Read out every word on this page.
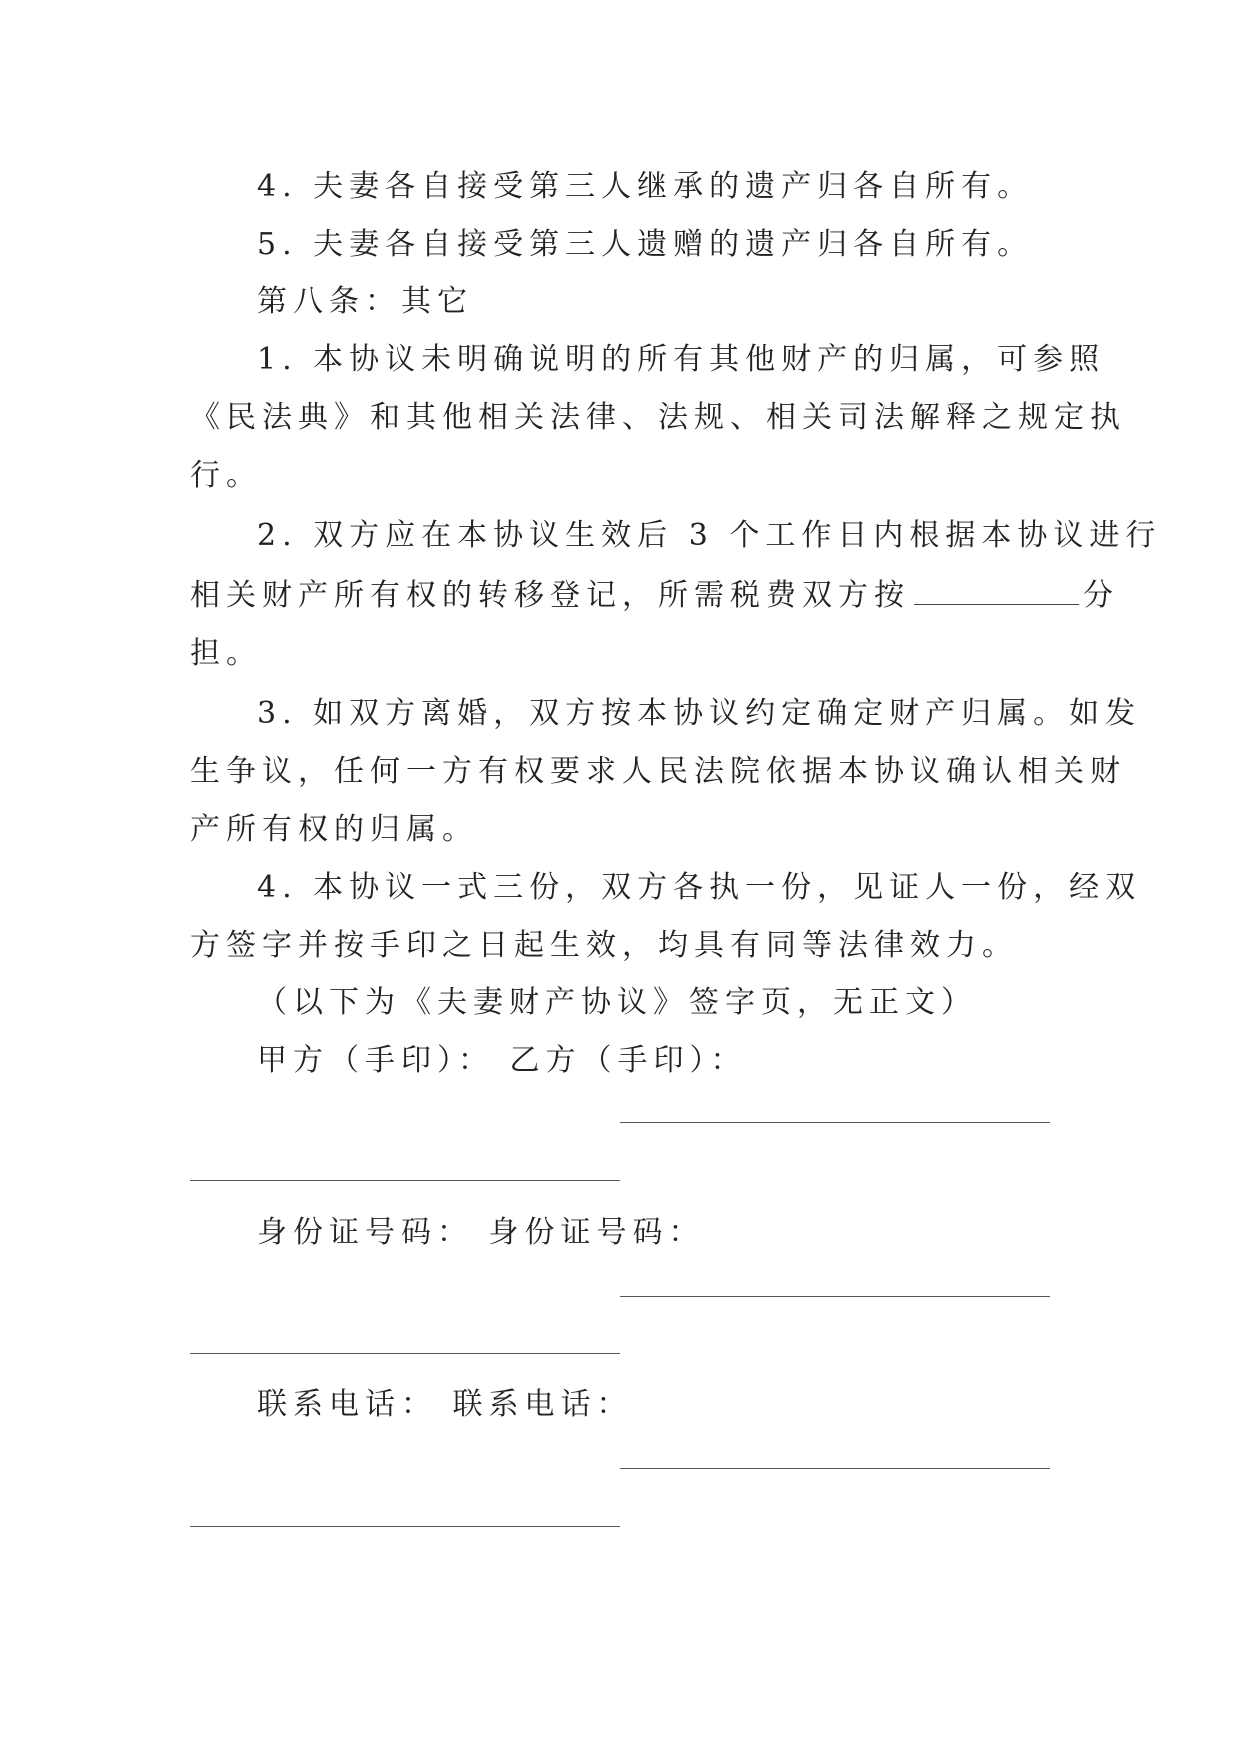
4. 夫妻各自接受第三人继承的遗产归各自所有。
5. 夫妻各自接受第三人遗赠的遗产归各自所有。
第八条：其它
1. 本协议未明确说明的所有其他财产的归属，可参照
《民法典》和其他相关法律、法规、相关司法解释之规定执
行。
2. 双方应在本协议生效后 3 个工作日内根据本协议进行
相关财产所有权的转移登记，所需税费双方按	分
担。
3. 如双方离婚，双方按本协议约定确定财产归属。如发
生争议，任何一方有权要求人民法院依据本协议确认相关财
产所有权的归属。
4. 本协议一式三份，双方各执一份，见证人一份，经双
方签字并按手印之日起生效，均具有同等法律效力。
（以下为《夫妻财产协议》签字页，无正文）
甲方（手印）： 乙方（手印）：
身份证号码： 身份证号码：
联系电话： 联系电话：
